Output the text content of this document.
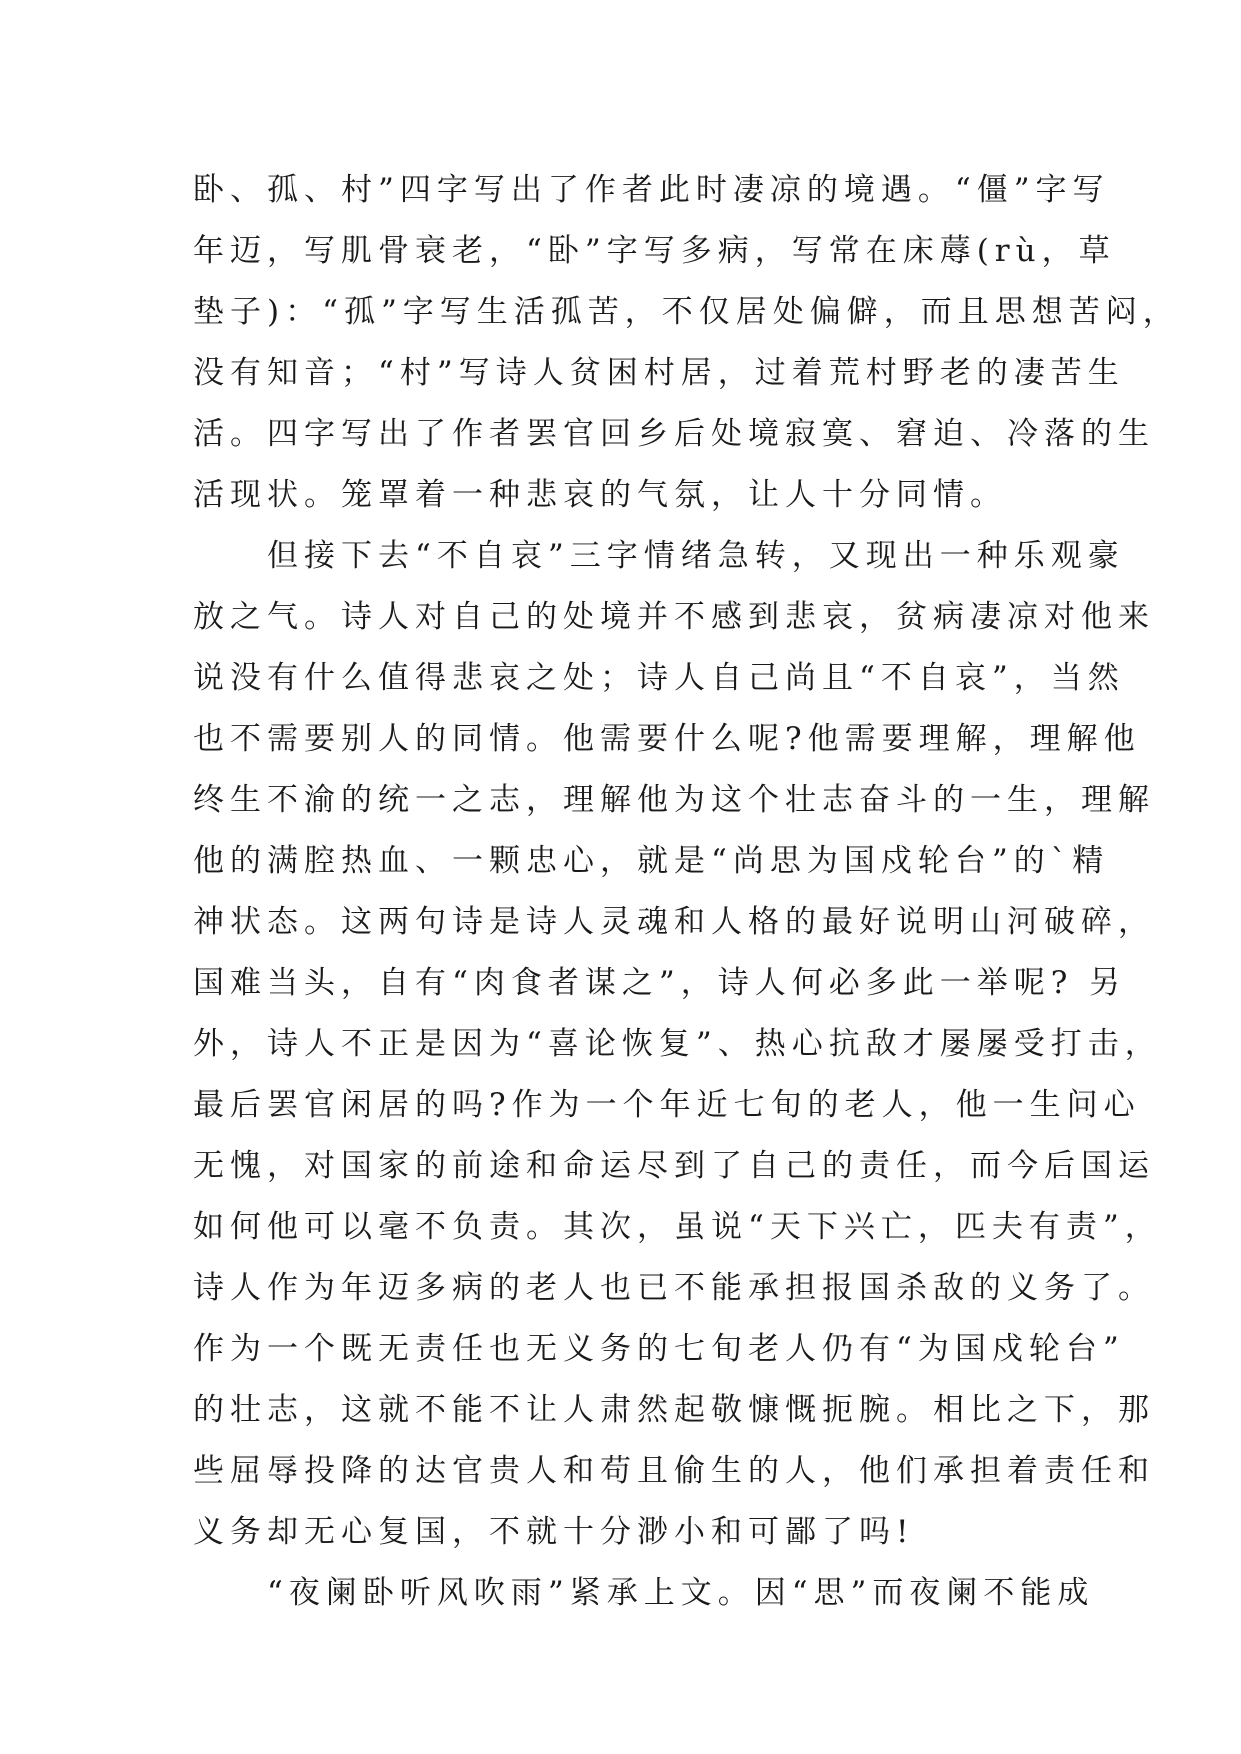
卧、孤、村”四字写出了作者此时凄凉的境遇。“僵”字写
年迈，写肌骨衰老，“卧”字写多病，写常在床蓐(rù，草
垫子)：“孤”字写生活孤苦，不仅居处偏僻，而且思想苦闷，
没有知音；“村”写诗人贫困村居，过着荒村野老的凄苦生
活。四字写出了作者罢官回乡后处境寂寞、窘迫、冷落的生
活现状。笼罩着一种悲哀的气氛，让人十分同情。
　　但接下去“不自哀”三字情绪急转，又现出一种乐观豪
放之气。诗人对自己的处境并不感到悲哀，贫病凄凉对他来
说没有什么值得悲哀之处；诗人自己尚且“不自哀”，当然
也不需要别人的同情。他需要什么呢?他需要理解，理解他
终生不渝的统一之志，理解他为这个壮志奋斗的一生，理解
他的满腔热血、一颗忠心，就是“尚思为国戍轮台”的`精
神状态。这两句诗是诗人灵魂和人格的最好说明山河破碎，
国难当头，自有“肉食者谋之”，诗人何必多此一举呢? 另
外，诗人不正是因为“喜论恢复”、热心抗敌才屡屡受打击，
最后罢官闲居的吗?作为一个年近七旬的老人，他一生问心
无愧，对国家的前途和命运尽到了自己的责任，而今后国运
如何他可以毫不负责。其次，虽说“天下兴亡，匹夫有责”，
诗人作为年迈多病的老人也已不能承担报国杀敌的义务了。
作为一个既无责任也无义务的七旬老人仍有“为国戍轮台”
的壮志，这就不能不让人肃然起敬慷慨扼腕。相比之下，那
些屈辱投降的达官贵人和苟且偷生的人，他们承担着责任和
义务却无心复国，不就十分渺小和可鄙了吗!
　　“夜阑卧听风吹雨”紧承上文。因“思”而夜阑不能成
